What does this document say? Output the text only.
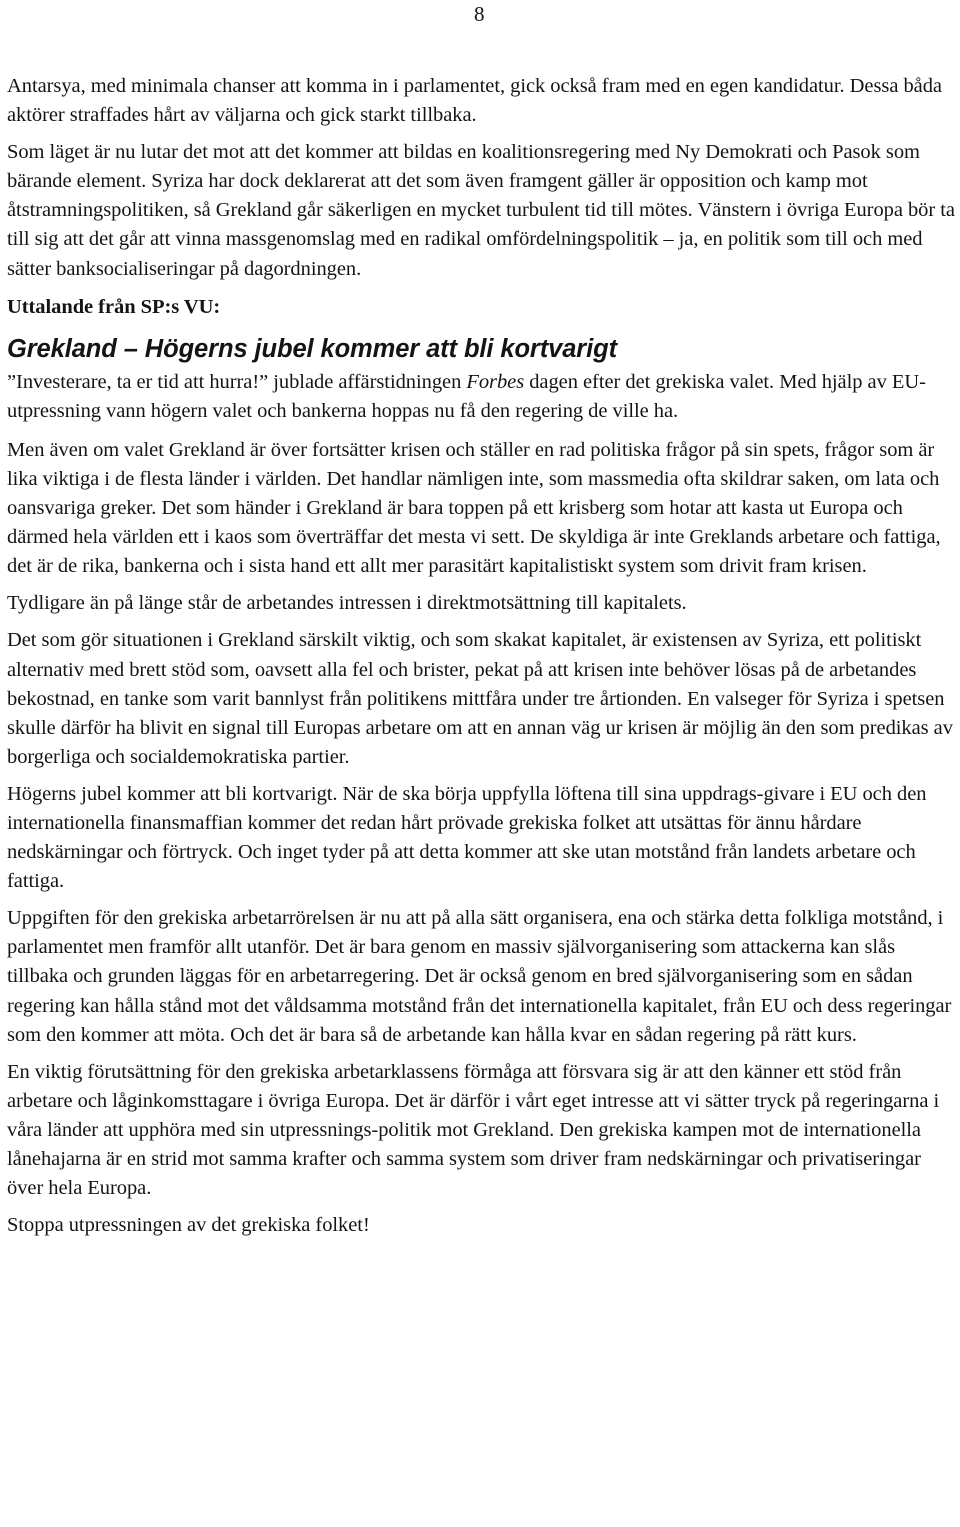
8

Antarsya, med minimala chanser att komma in i parlamentet, gick också fram med en egen kandidatur. Dessa båda aktörer straffades hårt av väljarna och gick starkt tillbaka.

Som läget är nu lutar det mot att det kommer att bildas en koalitionsregering med Ny Demokrati och Pasok som bärande element. Syriza har dock deklarerat att det som även framgent gäller är opposition och kamp mot åtstramningspolitiken, så Grekland går säkerligen en mycket turbulent tid till mötes. Vänstern i övriga Europa bör ta till sig att det går att vinna massgenomslag med en radikal omfördelningspolitik – ja, en politik som till och med sätter banksocialiseringar på dagordningen.

Uttalande från SP:s VU:

Grekland – Högerns jubel kommer att bli kortvarigt

”Investerare, ta er tid att hurra!” jublade affärstidningen Forbes dagen efter det grekiska valet. Med hjälp av EU-utpressning vann högern valet och bankerna hoppas nu få den regering de ville ha.

Men även om valet Grekland är över fortsätter krisen och ställer en rad politiska frågor på sin spets, frågor som är lika viktiga i de flesta länder i världen. Det handlar nämligen inte, som massmedia ofta skildrar saken, om lata och oansvariga greker. Det som händer i Grekland är bara toppen på ett krisberg som hotar att kasta ut Europa och därmed hela världen ett i kaos som överträffar det mesta vi sett. De skyldiga är inte Greklands arbetare och fattiga, det är de rika, bankerna och i sista hand ett allt mer parasitärt kapitalistiskt system som drivit fram krisen.

Tydligare än på länge står de arbetandes intressen i direktmotsättning till kapitalets.

Det som gör situationen i Grekland särskilt viktig, och som skakat kapitalet, är existensen av Syriza, ett politiskt alternativ med brett stöd som, oavsett alla fel och brister, pekat på att krisen inte behöver lösas på de arbetandes bekostnad, en tanke som varit bannlyst från politikens mittfåra under tre årtionden. En valseger för Syriza i spetsen skulle därför ha blivit en signal till Europas arbetare om att en annan väg ur krisen är möjlig än den som predikas av borgerliga och socialdemokratiska partier.

Högerns jubel kommer att bli kortvarigt. När de ska börja uppfylla löftena till sina uppdrags-givare i EU och den internationella finansmaffian kommer det redan hårt prövade grekiska folket att utsättas för ännu hårdare nedskärningar och förtryck. Och inget tyder på att detta kommer att ske utan motstånd från landets arbetare och fattiga.

Uppgiften för den grekiska arbetarrörelsen är nu att på alla sätt organisera, ena och stärka detta folkliga motstånd, i parlamentet men framför allt utanför. Det är bara genom en massiv självorganisering som attackerna kan slås tillbaka och grunden läggas för en arbetarregering. Det är också genom en bred självorganisering som en sådan regering kan hålla stånd mot det våldsamma motstånd från det internationella kapitalet, från EU och dess regeringar som den kommer att möta. Och det är bara så de arbetande kan hålla kvar en sådan regering på rätt kurs.

En viktig förutsättning för den grekiska arbetarklassens förmåga att försvara sig är att den känner ett stöd från arbetare och låginkomsttagare i övriga Europa. Det är därför i vårt eget intresse att vi sätter tryck på regeringarna i våra länder att upphöra med sin utpressnings-politik mot Grekland. Den grekiska kampen mot de internationella lånehajarna är en strid mot samma krafter och samma system som driver fram nedskärningar och privatiseringar över hela Europa.

Stoppa utpressningen av det grekiska folket!
